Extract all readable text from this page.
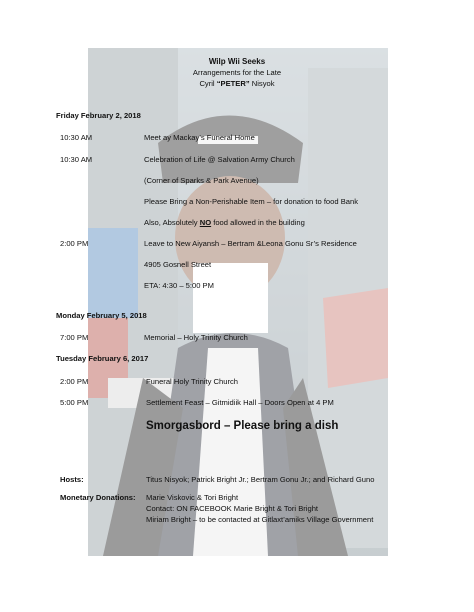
Wilp Wii Seeks
Arrangements for the Late
Cyril “PETER” Nisyok
Friday February 2, 2018
10:30 AM	Meet ay Mackay’s Funeral Home
10:30 AM	Celebration of Life @ Salvation Army Church
(Corner of Sparks & Park Avenue)
Please Bring a Non-Perishable Item – for donation to food Bank
Also, Absolutely NO food allowed in the building
2:00 PM	Leave to New Aiyansh – Bertram &Leona Gonu Sr’s Residence
4905 Gosnell Street
ETA: 4:30 – 5:00 PM
Monday February 5, 2018
7:00 PM	Memorial – Holy Trinity Church
Tuesday February 6, 2017
2:00 PM	Funeral Holy Trinity Church
5:00 PM	Settlement Feast – Gitmidiik Hall – Doors Open at 4 PM
Smorgasbord – Please bring a dish
Hosts:	Titus Nisyok; Patrick Bright Jr.; Bertram Gonu Jr.; and Richard Guno
Monetary Donations: Marie Viskovic & Tori Bright
Contact: ON FACEBOOK Marie Bright & Tori Bright
Miriam Bright – to be contacted at Gitlaxt’amiks Village Government
